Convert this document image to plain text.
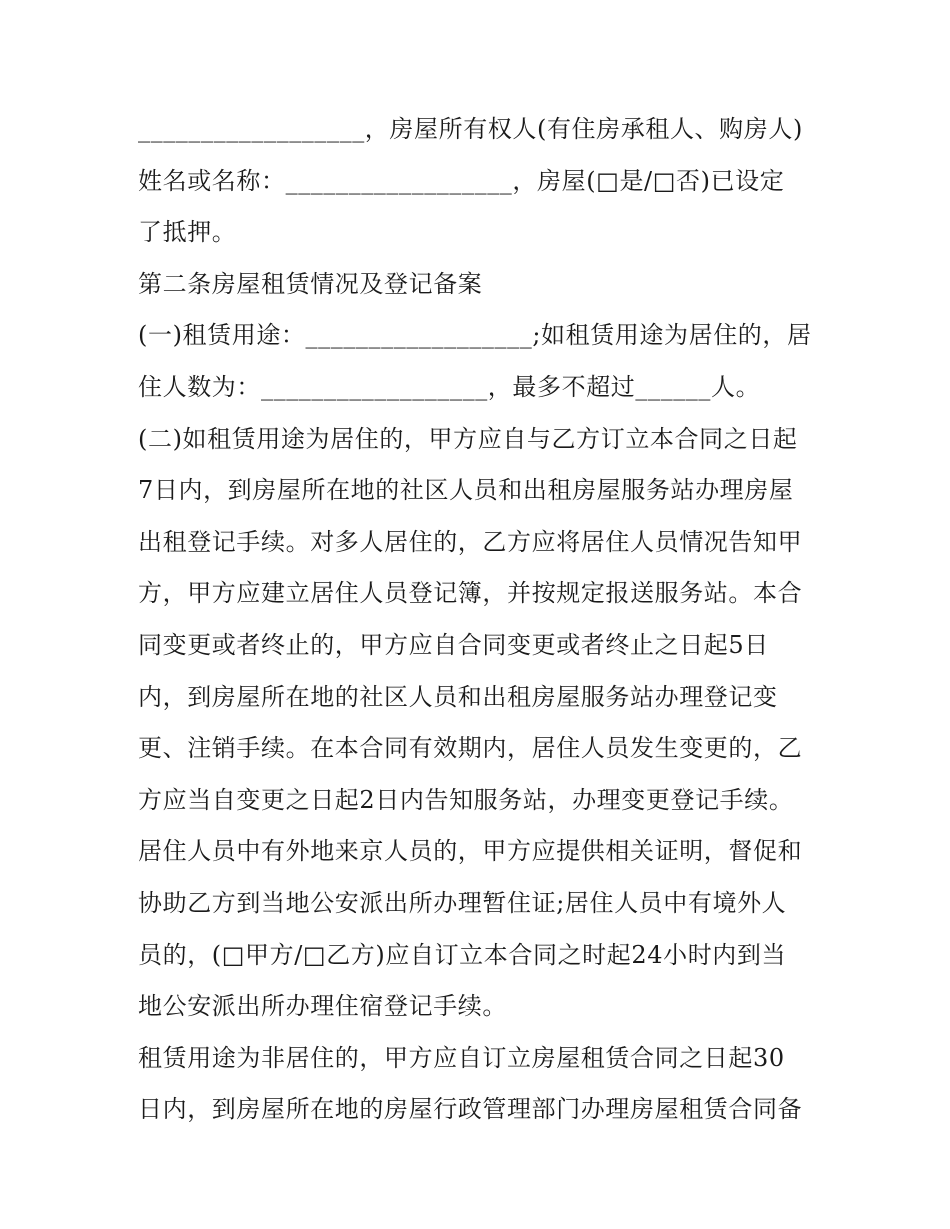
__________________，房屋所有权人(有住房承租人、购房人)
姓名或名称：__________________，房屋(□是/□否)已设定
了抵押。
第二条房屋租赁情况及登记备案
(一)租赁用途：__________________;如租赁用途为居住的，居
住人数为：__________________，最多不超过______人。
(二)如租赁用途为居住的，甲方应自与乙方订立本合同之日起
7日内，到房屋所在地的社区人员和出租房屋服务站办理房屋
出租登记手续。对多人居住的，乙方应将居住人员情况告知甲
方，甲方应建立居住人员登记簿，并按规定报送服务站。本合
同变更或者终止的，甲方应自合同变更或者终止之日起5日
内，到房屋所在地的社区人员和出租房屋服务站办理登记变
更、注销手续。在本合同有效期内，居住人员发生变更的，乙
方应当自变更之日起2日内告知服务站，办理变更登记手续。
居住人员中有外地来京人员的，甲方应提供相关证明，督促和
协助乙方到当地公安派出所办理暂住证;居住人员中有境外人
员的，(□甲方/□乙方)应自订立本合同之时起24小时内到当
地公安派出所办理住宿登记手续。
租赁用途为非居住的，甲方应自订立房屋租赁合同之日起30
日内，到房屋所在地的房屋行政管理部门办理房屋租赁合同备
